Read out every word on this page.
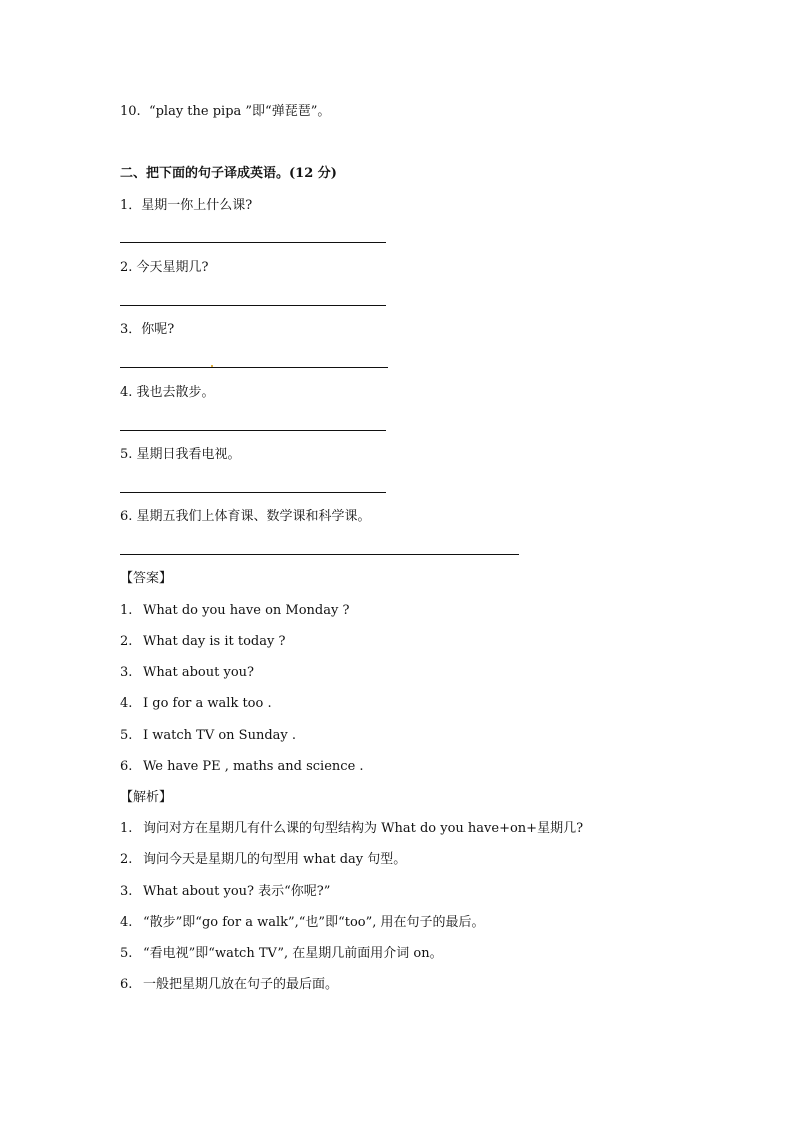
10. “play the pipa ”即“弹琵琶”。
二、把下面的句子译成英语。(12 分)
1．星期一你上什么课?
2. 今天星期几?
3．你呢?
4. 我也去散步。
5. 星期日我看电视。
6. 星期五我们上体育课、数学课和科学课。
【答案】
1. What do you have on Monday ?
2. What day is it today ?
3. What about you?
4. I go for a walk too .
5. I watch TV on Sunday .
6. We have PE , maths and science .
【解析】
1. 询问对方在星期几有什么课的句型结构为 What do you have+on+星期几?
2. 询问今天是星期几的句型用 what day 句型。
3. What about you? 表示“你呢?”
4. “散步”即“go for a walk”,“也”即“too”, 用在句子的最后。
5. “看电视”即“watch TV”, 在星期几前面用介词 on。
6. 一般把星期几放在句子的最后面。
